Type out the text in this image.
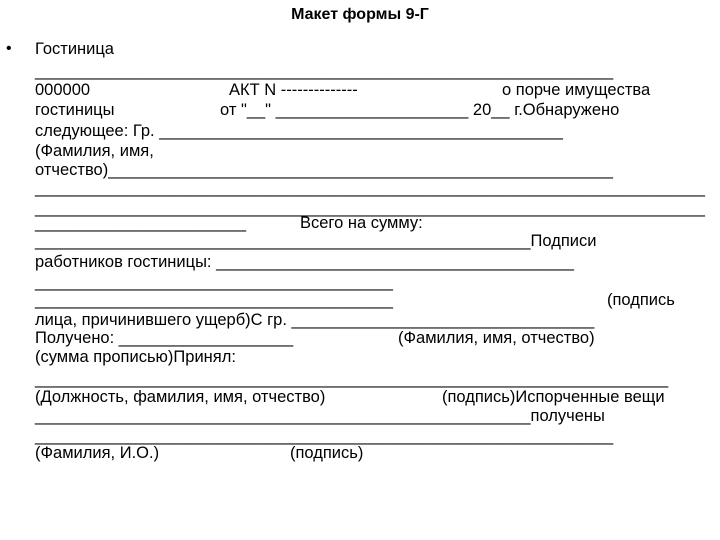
Макет формы 9-Г
• Гостиница
_______________________________________________________________
000000	АКТ N --------------	о порче имущества
гостиницы	от "__" _____________________ 20__ г.Обнаружено
следующее: Гр. ____________________________________________
(Фамилия, имя,
отчество)_______________________________________________________
_________________________________________________________________________
_________________________________________________________________________
_______________________	Всего на сумму:
______________________________________________________Подписи
работников гостиницы: _______________________________________
_______________________________________
_______________________________________	(подпись
лица, причинившего ущерб)С гр. _________________________________
Получено: ___________________	(Фамилия, имя, отчество)
(сумма прописью)Принял:
_____________________________________________________________________
(Должность, фамилия, имя, отчество)	(подпись)Испорченные вещи
______________________________________________________получены
_______________________________________________________________
(Фамилия, И.О.)	(подпись)
